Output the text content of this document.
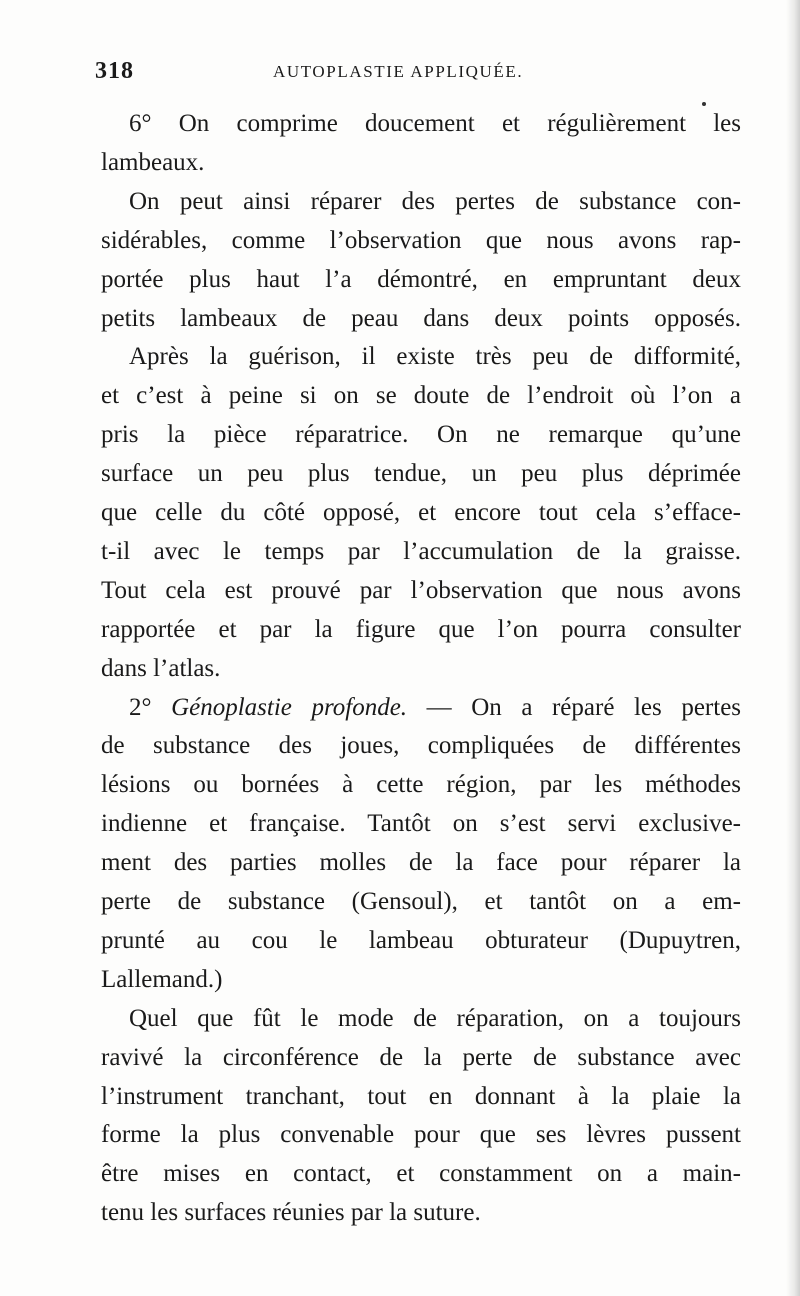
318	AUTOPLASTIE APPLIQUÉE.
6° On comprime doucement et régulièrement les
lambeaux.
On peut ainsi réparer des pertes de substance con-
sidérables, comme l’observation que nous avons rap-
portée plus haut l’a démontré, en empruntant deux
petits lambeaux de peau dans deux points opposés.
Après la guérison, il existe très peu de difformité,
et c’est à peine si on se doute de l’endroit où l’on a
pris la pièce réparatrice. On ne remarque qu’une
surface un peu plus tendue, un peu plus déprimée
que celle du côté opposé, et encore tout cela s’efface-
t-il avec le temps par l’accumulation de la graisse.
Tout cela est prouvé par l’observation que nous avons
rapportée et par la figure que l’on pourra consulter
dans l’atlas.
2° Génoplastie profonde. — On a réparé les pertes
de substance des joues, compliquées de différentes
lésions ou bornées à cette région, par les méthodes
indienne et française. Tantôt on s’est servi exclusive-
ment des parties molles de la face pour réparer la
perte de substance (Gensoul), et tantôt on a em-
prunté au cou le lambeau obturateur (Dupuytren,
Lallemand.)
Quel que fût le mode de réparation, on a toujours
ravivé la circonférence de la perte de substance avec
l’instrument tranchant, tout en donnant à la plaie la
forme la plus convenable pour que ses lèvres pussent
être mises en contact, et constamment on a main-
tenu les surfaces réunies par la suture.
